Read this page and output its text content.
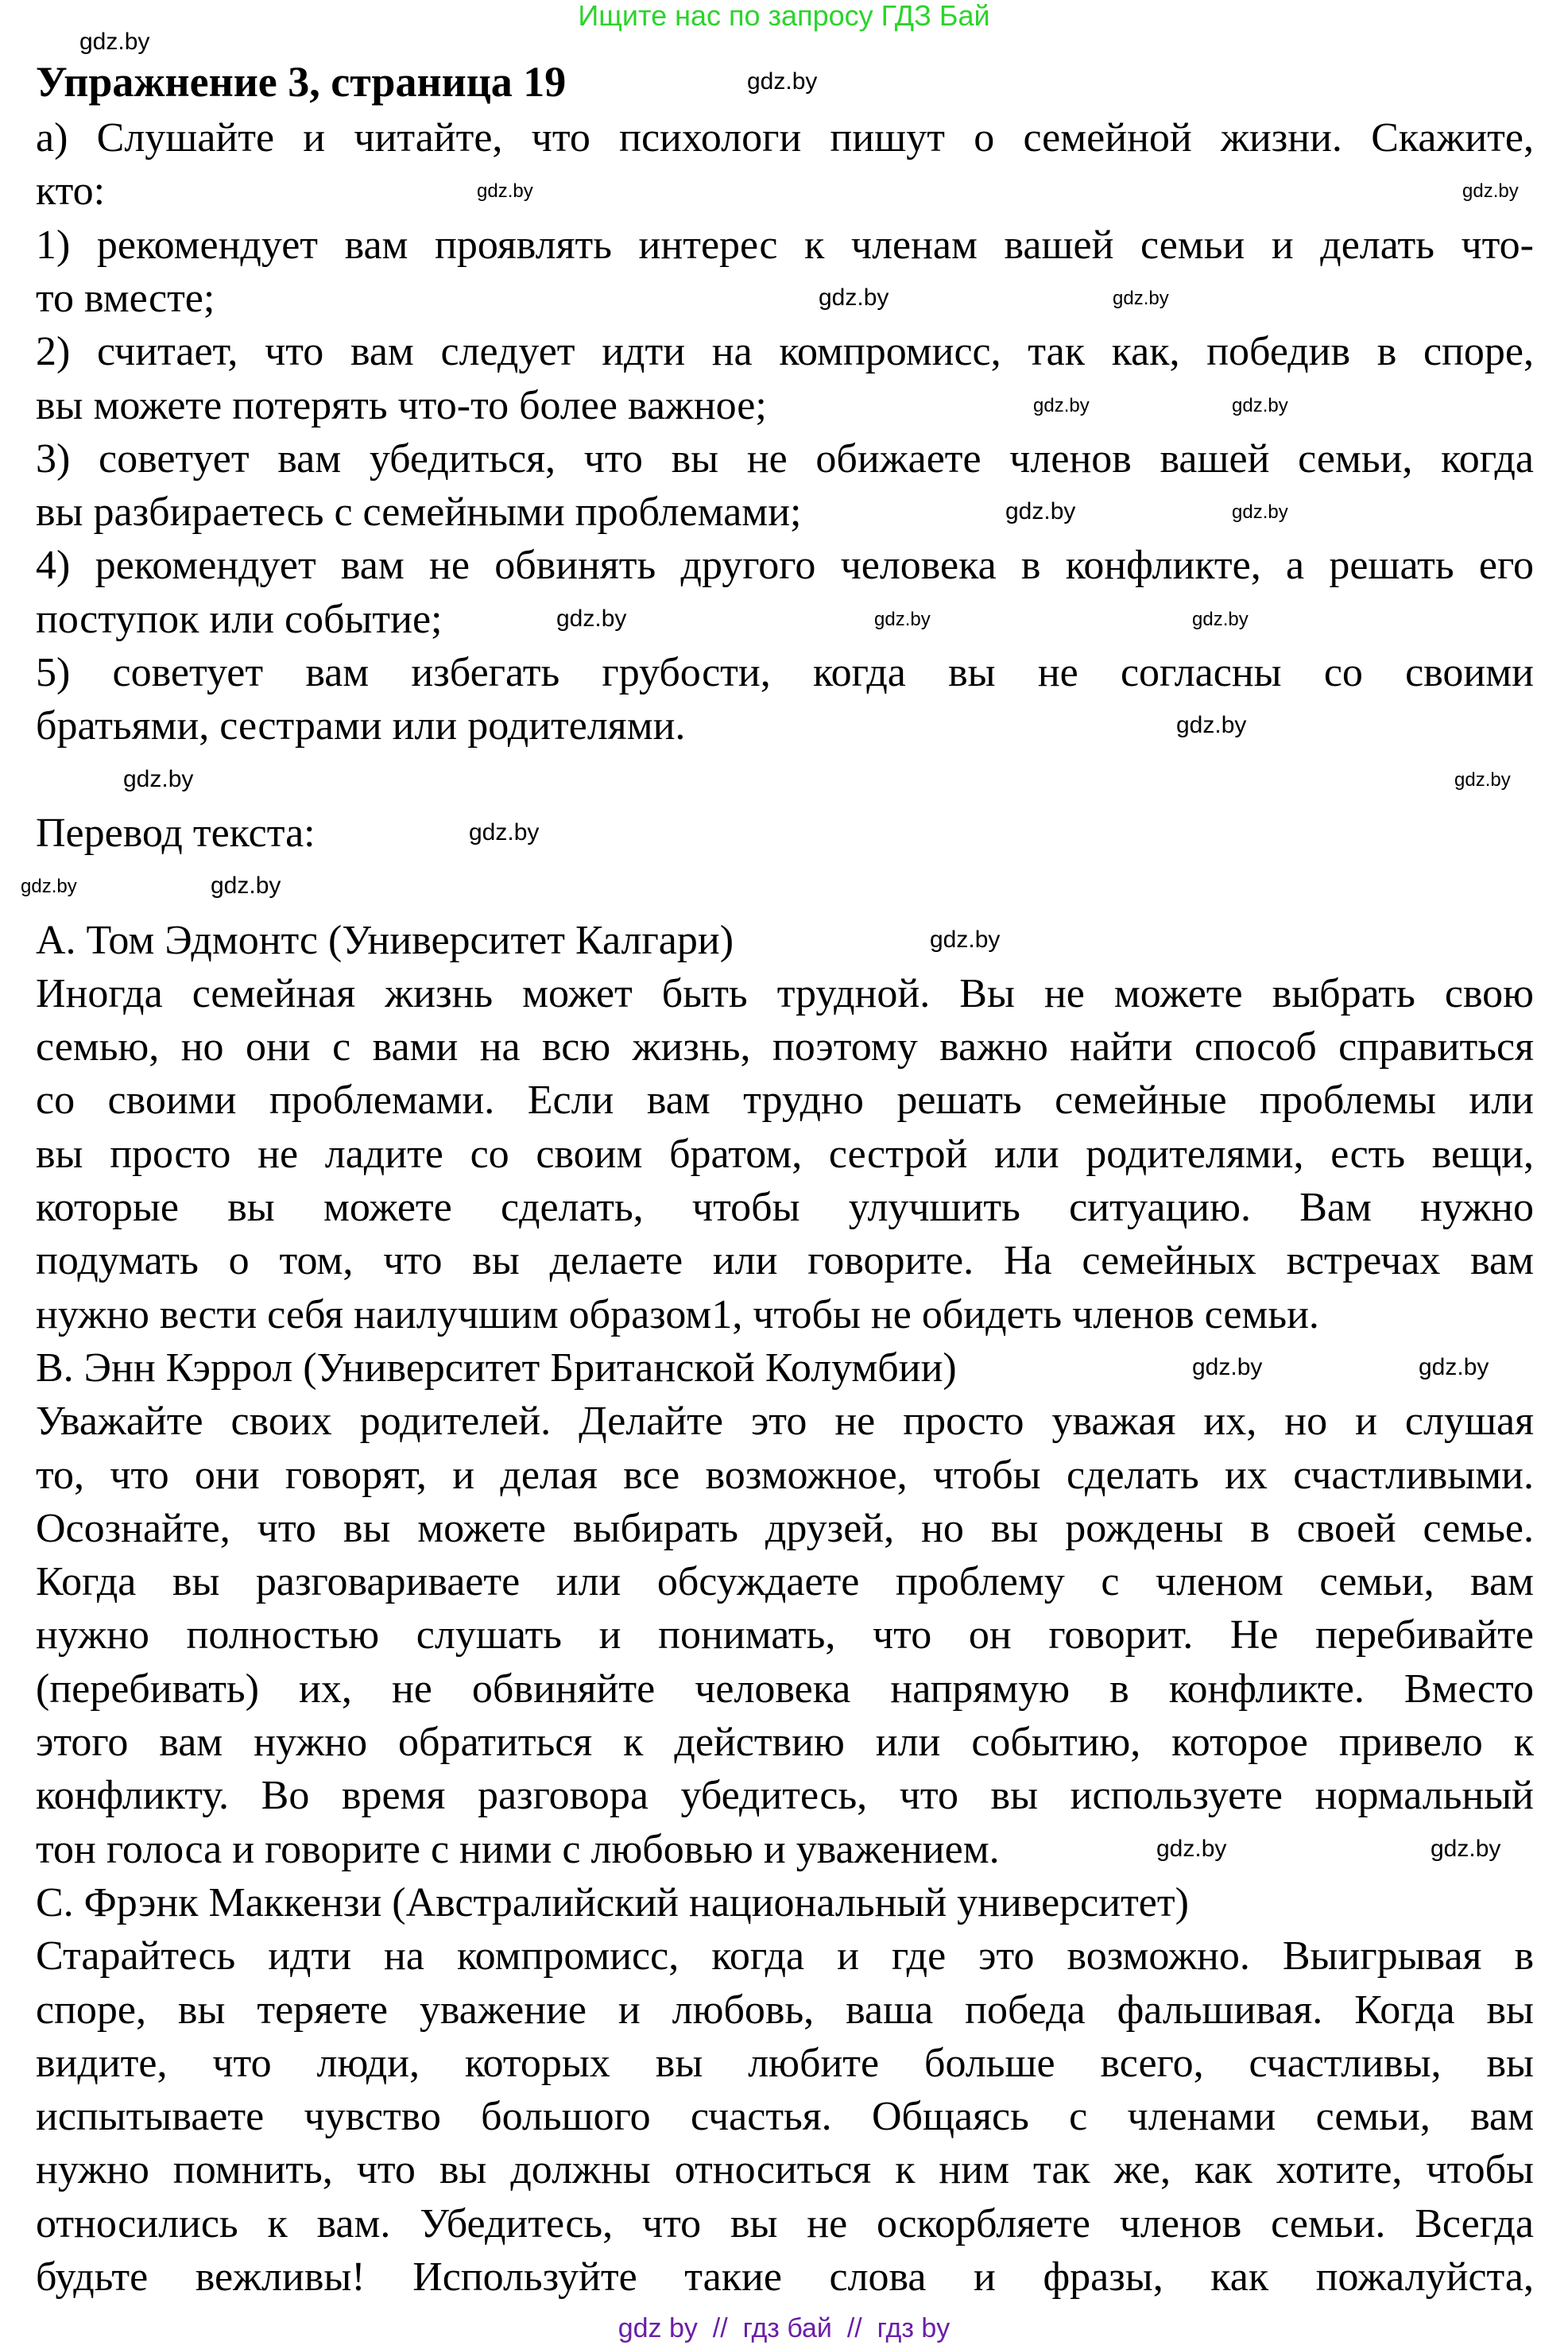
Ищите нас по запросу ГДЗ Бай
Упражнение 3, страница 19
а) Слушайте и читайте, что психологи пишут о семейной жизни. Скажите,
кто:
1) рекомендует вам проявлять интерес к членам вашей семьи и делать что-
то вместе;
2) считает, что вам следует идти на компромисс, так как, победив в споре,
вы можете потерять что-то более важное;
3) советует вам убедиться, что вы не обижаете членов вашей семьи, когда
вы разбираетесь с семейными проблемами;
4) рекомендует вам не обвинять другого человека в конфликте, а решать его
поступок или событие;
5) советует вам избегать грубости, когда вы не согласны со своими
братьями, сестрами или родителями.
Перевод текста:
A. Том Эдмонтс (Университет Калгари)
Иногда семейная жизнь может быть трудной. Вы не можете выбрать свою
семью, но они с вами на всю жизнь, поэтому важно найти способ справиться
со своими проблемами. Если вам трудно решать семейные проблемы или
вы просто не ладите со своим братом, сестрой или родителями, есть вещи,
которые вы можете сделать, чтобы улучшить ситуацию. Вам нужно
подумать о том, что вы делаете или говорите. На семейных встречах вам
нужно вести себя наилучшим образом1, чтобы не обидеть членов семьи.
B. Энн Кэррол (Университет Британской Колумбии)
Уважайте своих родителей. Делайте это не просто уважая их, но и слушая
то, что они говорят, и делая все возможное, чтобы сделать их счастливыми.
Осознайте, что вы можете выбирать друзей, но вы рождены в своей семье.
Когда вы разговариваете или обсуждаете проблему с членом семьи, вам
нужно полностью слушать и понимать, что он говорит. Не перебивайте
(перебивать) их, не обвиняйте человека напрямую в конфликте. Вместо
этого вам нужно обратиться к действию или событию, которое привело к
конфликту. Во время разговора убедитесь, что вы используете нормальный
тон голоса и говорите с ними с любовью и уважением.
C. Фрэнк Маккензи (Австралийский национальный университет)
Старайтесь идти на компромисс, когда и где это возможно. Выигрывая в
споре, вы теряете уважение и любовь, ваша победа фальшивая. Когда вы
видите, что люди, которых вы любите больше всего, счастливы, вы
испытываете чувство большого счастья. Общаясь с членами семьи, вам
нужно помнить, что вы должны относиться к ним так же, как хотите, чтобы
относились к вам. Убедитесь, что вы не оскорбляете членов семьи. Всегда
будьте вежливы! Используйте такие слова и фразы, как пожалуйста,
gdz.by
gdz.by
gdz.by
gdz.by
gdz.by
gdz.by
gdz.by
gdz.by
gdz.by
gdz.by
gdz.by
gdz.by
gdz.by
gdz.by	gdz.by
gdz.by	gdz.by
gdz.by
gdz.by	gdz.by
gdz.by	gdz.by
gdz.by
gdz.by
gdz by  //  гдз бай  //  гдз by
